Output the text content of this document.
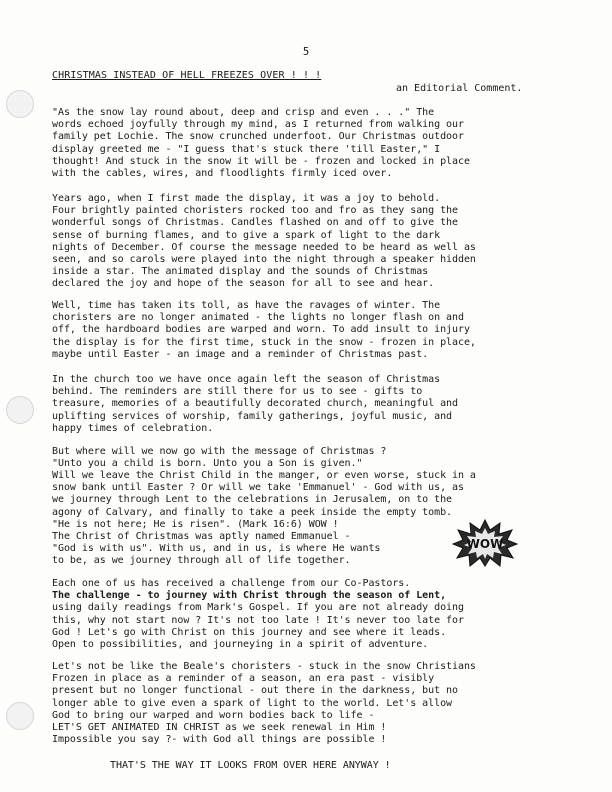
5
CHRISTMAS INSTEAD OF HELL FREEZES OVER ! ! !
an Editorial Comment.
"As the snow lay round about, deep and crisp and even . . ." The
words echoed joyfully through my mind, as I returned from walking our
family pet Lochie. The snow crunched underfoot. Our Christmas outdoor
display greeted me - "I guess that's stuck there 'till Easter," I
thought! And stuck in the snow it will be - frozen and locked in place
with the cables, wires, and floodlights firmly iced over.
Years ago, when I first made the display, it was a joy to behold.
Four brightly painted choristers rocked too and fro as they sang the
wonderful songs of Christmas. Candles flashed on and off to give the
sense of burning flames, and to give a spark of light to the dark
nights of December. Of course the message needed to be heard as well as
seen, and so carols were played into the night through a speaker hidden
inside a star. The animated display and the sounds of Christmas
declared the joy and hope of the season for all to see and hear.
Well, time has taken its toll, as have the ravages of winter. The
choristers are no longer animated - the lights no longer flash on and
off, the hardboard bodies are warped and worn. To add insult to injury
the display is for the first time, stuck in the snow - frozen in place,
maybe until Easter - an image and a reminder of Christmas past.
In the church too we have once again left the season of Christmas
behind. The reminders are still there for us to see - gifts to
treasure, memories of a beautifully decorated church, meaningful and
uplifting services of worship, family gatherings, joyful music, and
happy times of celebration.
But where will we now go with the message of Christmas ?
"Unto you a child is born. Unto you a Son is given."
Will we leave the Christ Child in the manger, or even worse, stuck in a
snow bank until Easter ? Or will we take 'Emmanuel' - God with us, as
we journey through Lent to the celebrations in Jerusalem, on to the
agony of Calvary, and finally to take a peek inside the empty tomb.
"He is not here; He is risen". (Mark 16:6) WOW !
The Christ of Christmas was aptly named Emmanuel -
"God is with us". With us, and in us, is where He wants
to be, as we journey through all of life together.
WOW
Each one of us has received a challenge from our Co-Pastors.
The challenge - to journey with Christ through the season of Lent,
using daily readings from Mark's Gospel. If you are not already doing
this, why not start now ? It's not too late ! It's never too late for
God ! Let's go with Christ on this journey and see where it leads.
Open to possibilities, and journeying in a spirit of adventure.
Let's not be like the Beale's choristers - stuck in the snow Christians
Frozen in place as a reminder of a season, an era past - visibly
present but no longer functional - out there in the darkness, but no
longer able to give even a spark of light to the world. Let's allow
God to bring our warped and worn bodies back to life -
LET'S GET ANIMATED IN CHRIST as we seek renewal in Him !
Impossible you say ?- with God all things are possible !
THAT'S THE WAY IT LOOKS FROM OVER HERE ANYWAY !
